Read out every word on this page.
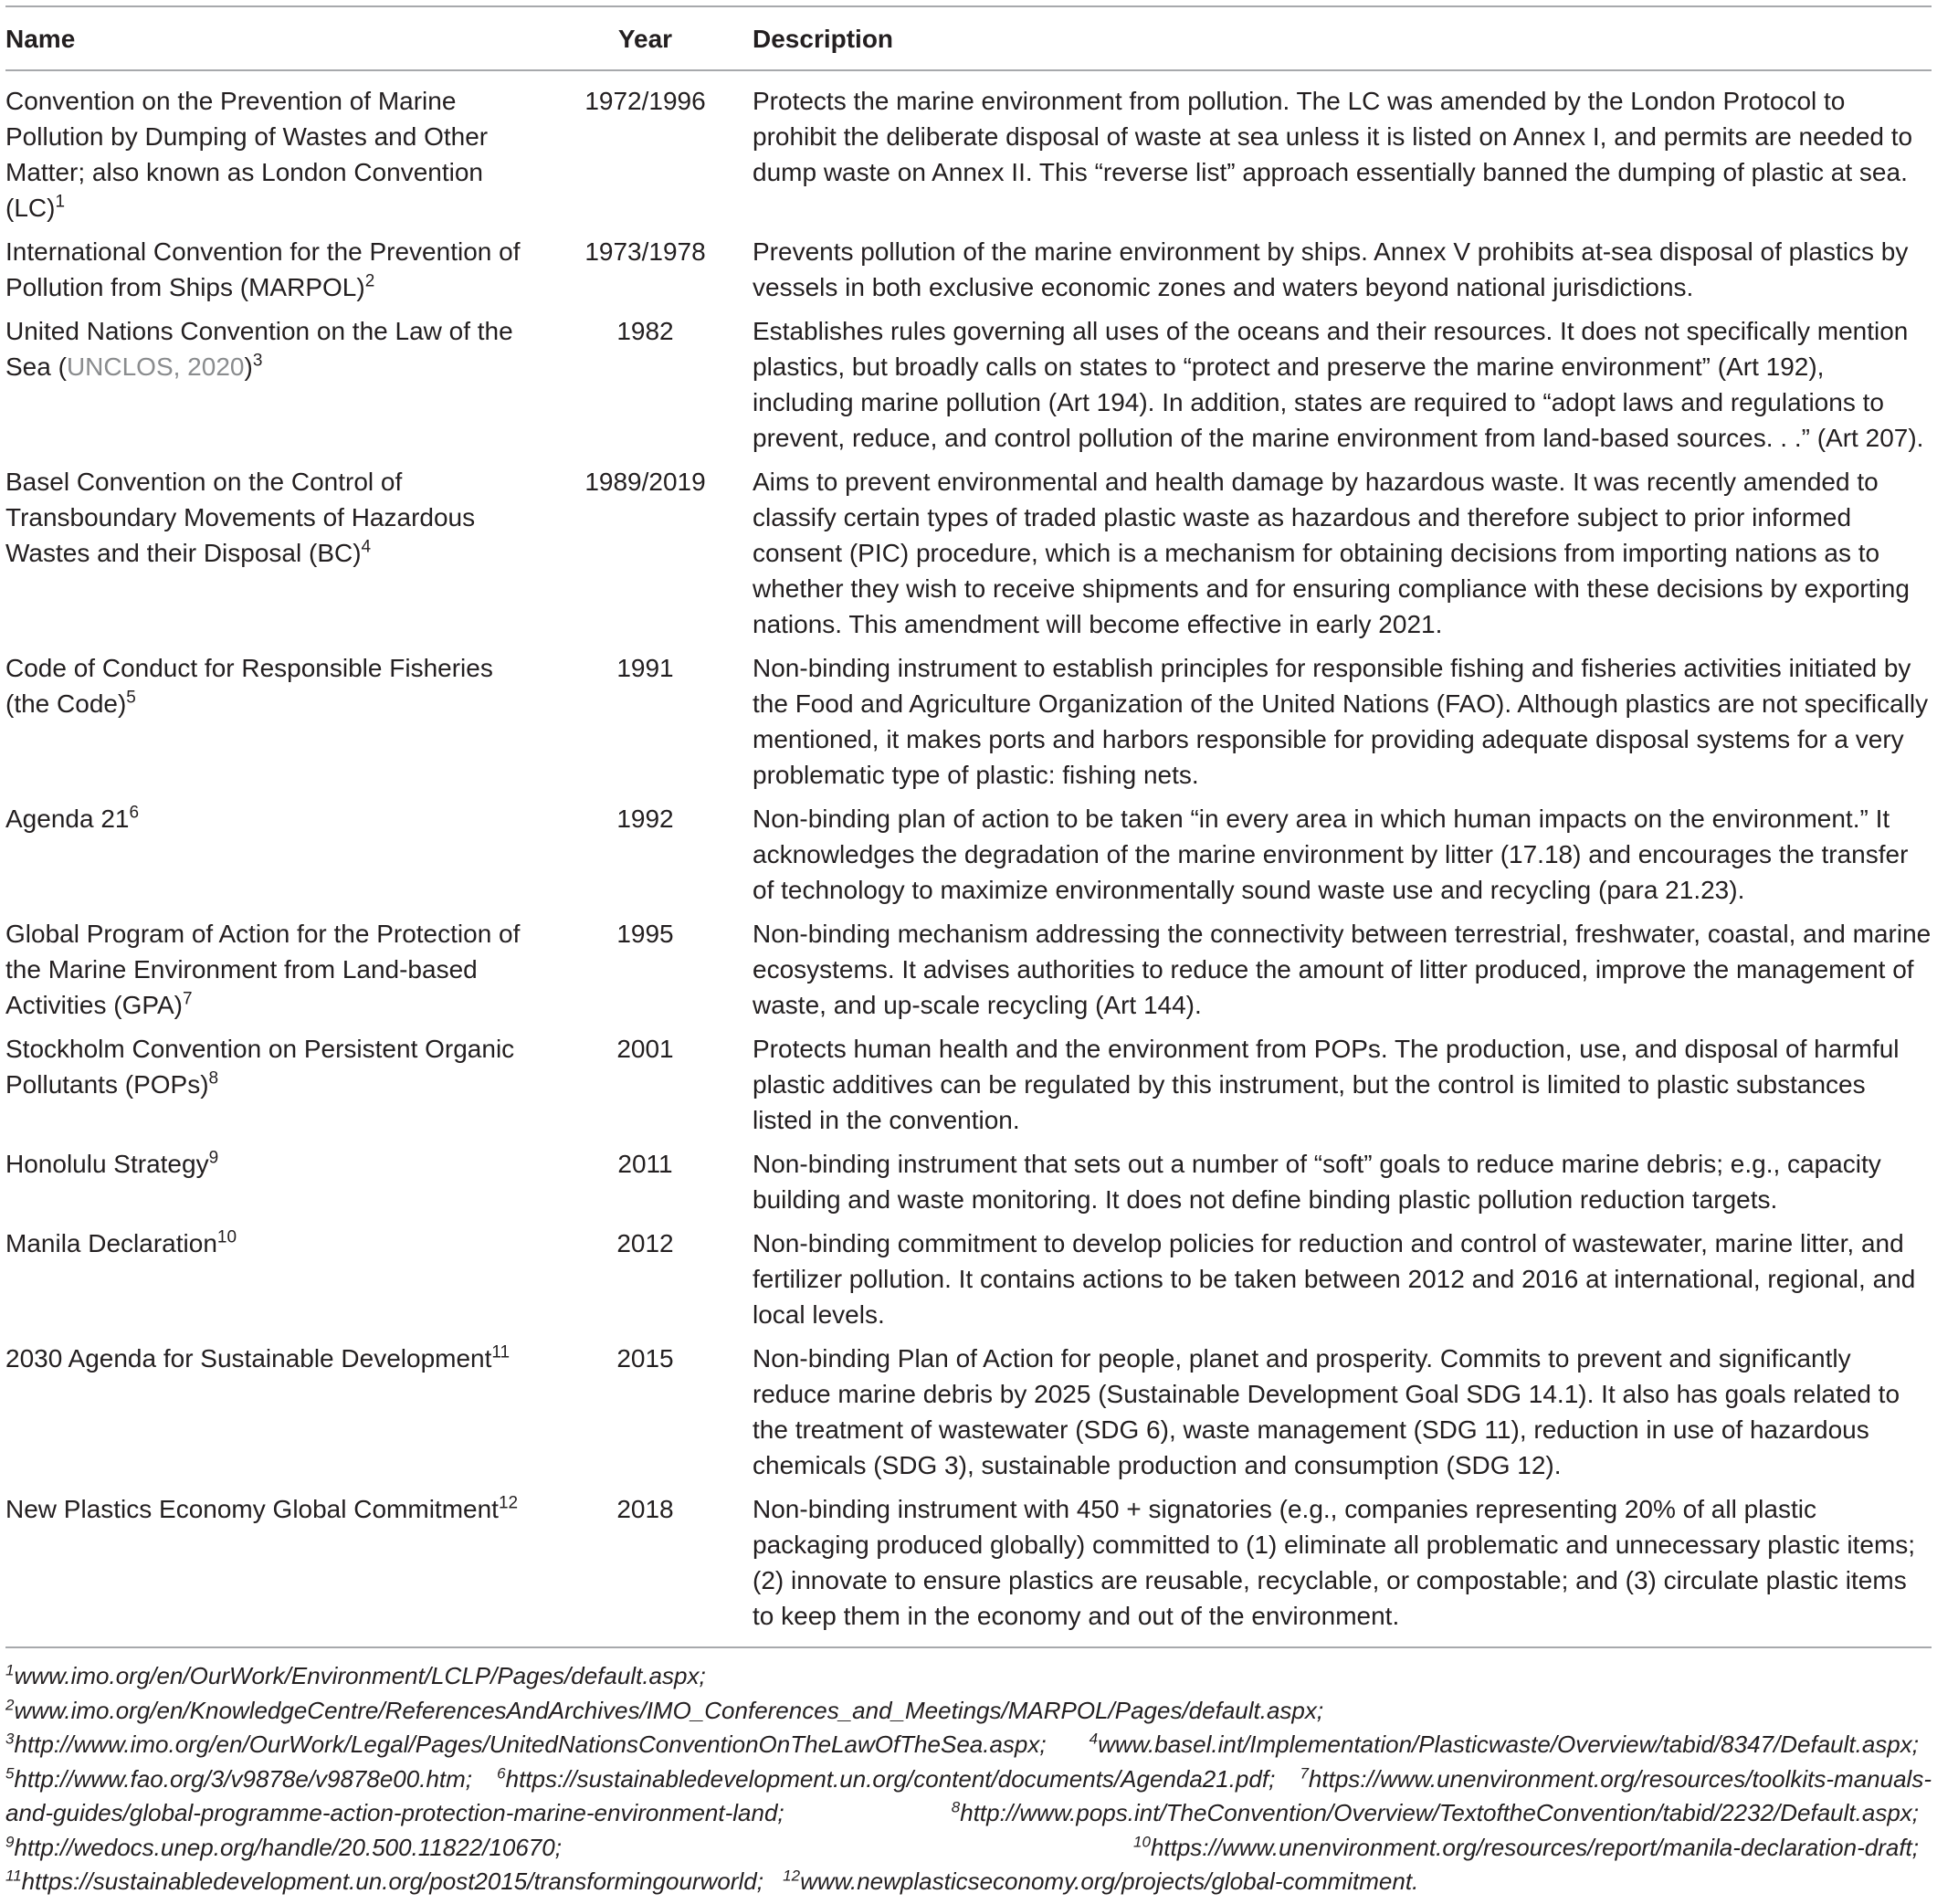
Name	Year	Description
Convention on the Prevention of Marine Pollution by Dumping of Wastes and Other Matter; also known as London Convention (LC)$^1$	1972/1996	Protects the marine environment from pollution. The LC was amended by the London Protocol to prohibit the deliberate disposal of waste at sea unless it is listed on Annex I, and permits are needed to dump waste on Annex II. This “reverse list” approach essentially banned the dumping of plastic at sea.
International Convention for the Prevention of Pollution from Ships (MARPOL)$^2$	1973/1978	Prevents pollution of the marine environment by ships. Annex V prohibits at-sea disposal of plastics by vessels in both exclusive economic zones and waters beyond national jurisdictions.
United Nations Convention on the Law of the Sea (UNCLOS, 2020)$^3$	1982	Establishes rules governing all uses of the oceans and their resources. It does not specifically mention plastics, but broadly calls on states to “protect and preserve the marine environment” (Art 192), including marine pollution (Art 194). In addition, states are required to “adopt laws and regulations to prevent, reduce, and control pollution of the marine environment from land-based sources. . .” (Art 207).
Basel Convention on the Control of Transboundary Movements of Hazardous Wastes and their Disposal (BC)$^4$	1989/2019	Aims to prevent environmental and health damage by hazardous waste. It was recently amended to classify certain types of traded plastic waste as hazardous and therefore subject to prior informed consent (PIC) procedure, which is a mechanism for obtaining decisions from importing nations as to whether they wish to receive shipments and for ensuring compliance with these decisions by exporting nations. This amendment will become effective in early 2021.
Code of Conduct for Responsible Fisheries (the Code)$^5$	1991	Non-binding instrument to establish principles for responsible fishing and fisheries activities initiated by the Food and Agriculture Organization of the United Nations (FAO). Although plastics are not specifically mentioned, it makes ports and harbors responsible for providing adequate disposal systems for a very problematic type of plastic: fishing nets.
Agenda $21^6$	1992	Non-binding plan of action to be taken “in every area in which human impacts on the environment.” It acknowledges the degradation of the marine environment by litter (17.18) and encourages the transfer of technology to maximize environmentally sound waste use and recycling (para 21.23).
Global Program of Action for the Protection of the Marine Environment from Land-based Activities (GPA)$^7$	1995	Non-binding mechanism addressing the connectivity between terrestrial, freshwater, coastal, and marine ecosystems. It advises authorities to reduce the amount of litter produced, improve the management of waste, and up-scale recycling (Art 144).
Stockholm Convention on Persistent Organic Pollutants (POPs)$^8$	2001	Protects human health and the environment from POPs. The production, use, and disposal of harmful plastic additives can be regulated by this instrument, but the control is limited to plastic substances listed in the convention.
Honolulu Strategy$^9$	2011	Non-binding instrument that sets out a number of “soft” goals to reduce marine debris; e.g., capacity building and waste monitoring. It does not define binding plastic pollution reduction targets.
Manila Declaration$^{10}$	2012	Non-binding commitment to develop policies for reduction and control of wastewater, marine litter, and fertilizer pollution. It contains actions to be taken between 2012 and 2016 at international, regional, and local levels.
2030 Agenda for Sustainable Development$^{11}$	2015	Non-binding Plan of Action for people, planet and prosperity. Commits to prevent and significantly reduce marine debris by 2025 (Sustainable Development Goal SDG 14.1). It also has goals related to the treatment of wastewater (SDG 6), waste management (SDG 11), reduction in use of hazardous chemicals (SDG 3), sustainable production and consumption (SDG 12).
New Plastics Economy Global Commitment$^{12}$	2018	Non-binding instrument with 450 + signatories (e.g., companies representing 20% of all plastic packaging produced globally) committed to (1) eliminate all problematic and unnecessary plastic items; (2) innovate to ensure plastics are reusable, recyclable, or compostable; and (3) circulate plastic items to keep them in the economy and out of the environment.
$^1$www.imo.org/en/OurWork/Environment/LCLP/Pages/default.aspx; $^2$www.imo.org/en/KnowledgeCentre/ReferencesAndArchives/IMO_Conferences_and_Meetings/MARPOL/Pages/default.aspx; $^3$http://www.imo.org/en/OurWork/Legal/Pages/UnitedNationsConventionOnTheLawOfTheSea.aspx;	$^4$www.basel.int/Implementation/Plasticwaste/Overview/tabid/8347/Default.aspx; $^5$http://www.fao.org/3/v9878e/v9878e00.htm; $^6$https://sustainabledevelopment.un.org/content/documents/Agenda21.pdf; $^7$https://www.unenvironment.org/resources/toolkits-manuals-and-guides/global-programme-action-protection-marine-environment-land;	$^8$http://www.pops.int/TheConvention/Overview/TextoftheConvention/tabid/2232/Default.aspx; $^9$http://wedocs.unep.org/handle/20.500.11822/10670;	$^{10}$https://www.unenvironment.org/resources/report/manila-declaration-draft; $^{11}$https://sustainabledevelopment.un.org/post2015/transformingourworld; $^{12}$www.newplasticseconomy.org/projects/global-commitment.
